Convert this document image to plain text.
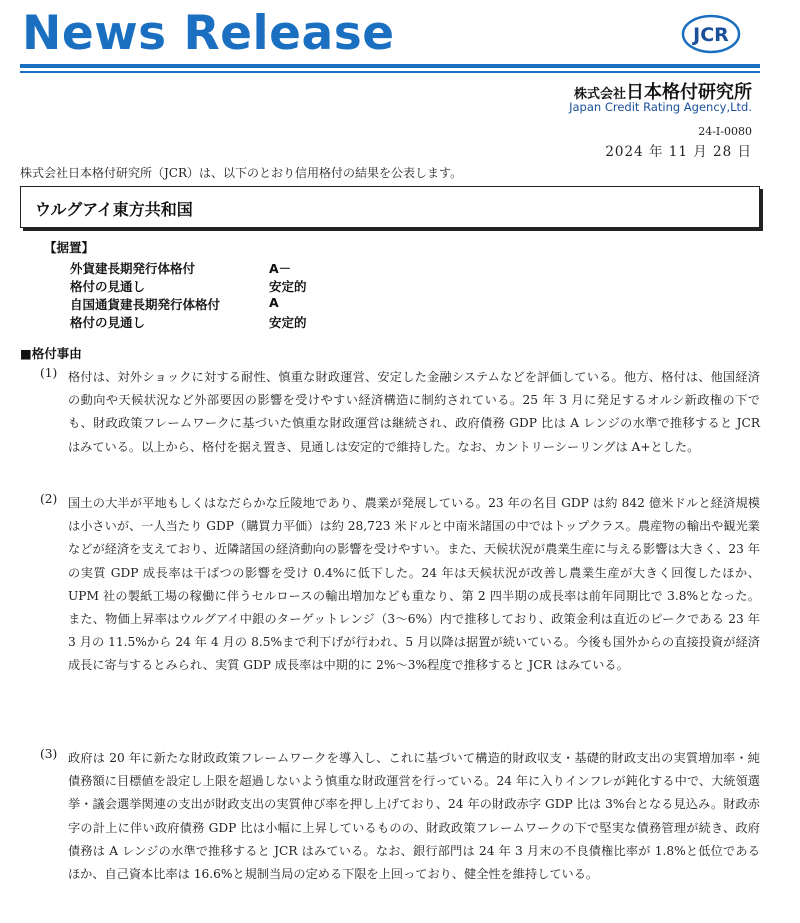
News Release	JCR
株式会社日本格付研究所
Japan Credit Rating Agency,Ltd.
24-I-0080
2024 年 11 月 28 日
株式会社日本格付研究所（JCR）は、以下のとおり信用格付の結果を公表します。
ウルグアイ東方共和国
【据置】
外貨建長期発行体格付	A－
格付の見通し	安定的
自国通貨建長期発行体格付	A
格付の見通し	安定的
■格付事由
(1) 格付は、対外ショックに対する耐性、慎重な財政運営、安定した金融システムなどを評価している。他方、格付は、他国経済の動向や天候状況など外部要因の影響を受けやすい経済構造に制約されている。25 年 3 月に発足するオルシ新政権の下でも、財政政策フレームワークに基づいた慎重な財政運営は継続され、政府債務 GDP 比は A レンジの水準で推移すると JCR はみている。以上から、格付を据え置き、見通しは安定的で維持した。なお、カントリーシーリングは A+とした。

(2) 国土の大半が平地もしくはなだらかな丘陵地であり、農業が発展している。23 年の名目 GDP は約 842 億米ドルと経済規模は小さいが、一人当たり GDP（購買力平価）は約 28,723 米ドルと中南米諸国の中ではトップクラス。農産物の輸出や観光業などが経済を支えており、近隣諸国の経済動向の影響を受けやすい。また、天候状況が農業生産に与える影響は大きく、23 年の実質 GDP 成長率は干ばつの影響を受け 0.4%に低下した。24 年は天候状況が改善し農業生産が大きく回復したほか、UPM 社の製紙工場の稼働に伴うセルロースの輸出増加なども重なり、第 2 四半期の成長率は前年同期比で 3.8%となった。また、物価上昇率はウルグアイ中銀のターゲットレンジ（3～6%）内で推移しており、政策金利は直近のピークである 23 年 3 月の 11.5%から 24 年 4 月の 8.5%まで利下げが行われ、5 月以降は据置が続いている。今後も国外からの直接投資が経済成長に寄与するとみられ、実質 GDP 成長率は中期的に 2%～3%程度で推移すると JCR はみている。

(3) 政府は 20 年に新たな財政政策フレームワークを導入し、これに基づいて構造的財政収支・基礎的財政支出の実質増加率・純債務額に目標値を設定し上限を超過しないよう慎重な財政運営を行っている。24 年に入りインフレが鈍化する中で、大統領選挙・議会選挙関連の支出が財政支出の実質伸び率を押し上げており、24 年の財政赤字 GDP 比は 3%台となる見込み。財政赤字の計上に伴い政府債務 GDP 比は小幅に上昇しているものの、財政政策フレームワークの下で堅実な債務管理が続き、政府債務は A レンジの水準で推移すると JCR はみている。なお、銀行部門は 24 年 3 月末の不良債権比率が 1.8%と低位であるほか、自己資本比率は 16.6%と規制当局の定める下限を上回っており、健全性を維持している。
